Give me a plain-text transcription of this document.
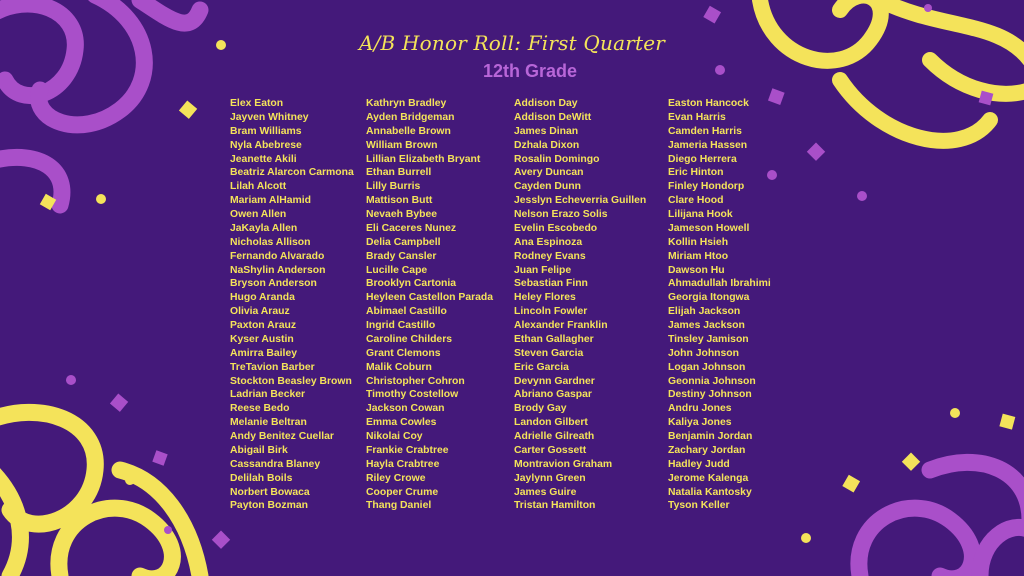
A/B Honor Roll: First Quarter
12th Grade
Elex Eaton
Jayven Whitney
Bram Williams
Nyla Abebrese
Jeanette Akili
Beatriz Alarcon Carmona
Lilah Alcott
Mariam AlHamid
Owen Allen
JaKayla Allen
Nicholas Allison
Fernando Alvarado
NaShylin Anderson
Bryson Anderson
Hugo Aranda
Olivia Arauz
Paxton Arauz
Kyser Austin
Amirra Bailey
TreTavion Barber
Stockton Beasley Brown
Ladrian Becker
Reese Bedo
Melanie Beltran
Andy Benitez Cuellar
Abigail Birk
Cassandra Blaney
Delilah Boils
Norbert Bowaca
Payton Bozman
Kathryn Bradley
Ayden Bridgeman
Annabelle Brown
William Brown
Lillian Elizabeth Bryant
Ethan Burrell
Lilly Burris
Mattison Butt
Nevaeh Bybee
Eli Caceres Nunez
Delia Campbell
Brady Cansler
Lucille Cape
Brooklyn Cartonia
Heyleen Castellon Parada
Abimael Castillo
Ingrid Castillo
Caroline Childers
Grant Clemons
Malik Coburn
Christopher Cohron
Timothy Costellow
Jackson Cowan
Emma Cowles
Nikolai Coy
Frankie Crabtree
Hayla Crabtree
Riley Crowe
Cooper Crume
Thang Daniel
Addison Day
Addison DeWitt
James Dinan
Dzhala Dixon
Rosalin Domingo
Avery Duncan
Cayden Dunn
Jesslyn Echeverria Guillen
Nelson Erazo Solis
Evelin Escobedo
Ana Espinoza
Rodney Evans
Juan Felipe
Sebastian Finn
Heley Flores
Lincoln Fowler
Alexander Franklin
Ethan Gallagher
Steven Garcia
Eric Garcia
Devynn Gardner
Abriano Gaspar
Brody Gay
Landon Gilbert
Adrielle Gilreath
Carter Gossett
Montravion Graham
Jaylynn Green
James Guire
Tristan Hamilton
Easton Hancock
Evan Harris
Camden Harris
Jameria Hassen
Diego Herrera
Eric Hinton
Finley Hondorp
Clare Hood
Lilijana Hook
Jameson Howell
Kollin Hsieh
Miriam Htoo
Dawson Hu
Ahmadullah Ibrahimi
Georgia Itongwa
Elijah Jackson
James Jackson
Tinsley Jamison
John Johnson
Logan Johnson
Geonnia Johnson
Destiny Johnson
Andru Jones
Kaliya Jones
Benjamin Jordan
Zachary Jordan
Hadley Judd
Jerome Kalenga
Natalia Kantosky
Tyson Keller
